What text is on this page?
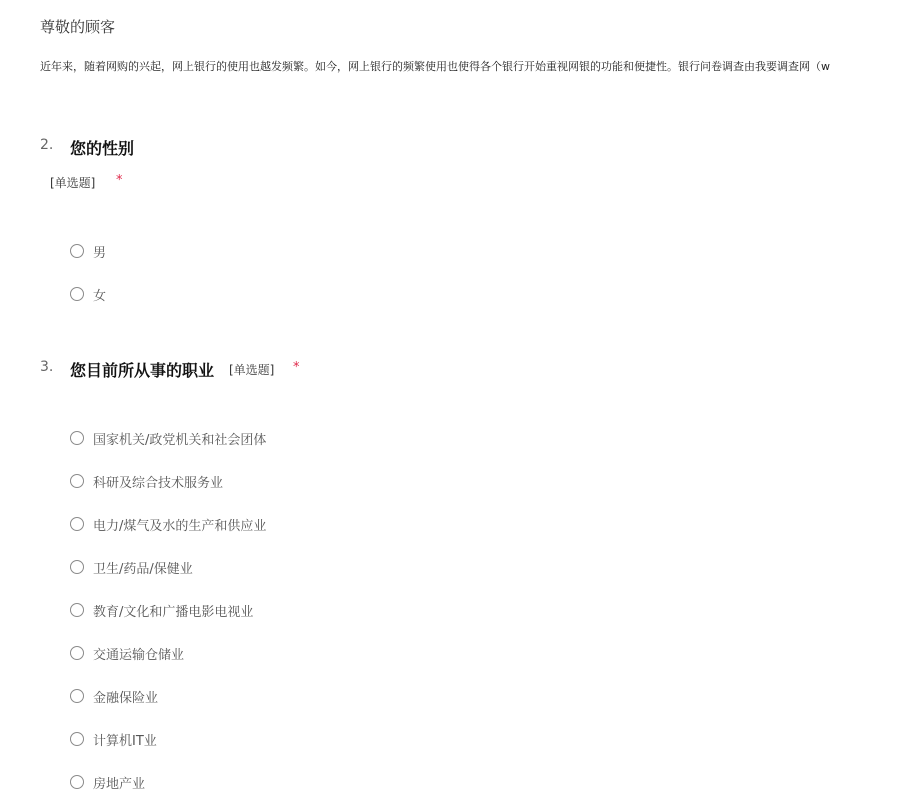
尊敬的顾客
近年来，随着网购的兴起，网上银行的使用也越发频繁。如今，网上银行的频繁使用也使得各个银行开始重视网银的功能和便捷性。银行问卷调查由我要调查网（w
2. 您的性别
[单选题] *
男
女
3. 您目前所从事的职业 [单选题] *
国家机关/政党机关和社会团体
科研及综合技术服务业
电力/煤气及水的生产和供应业
卫生/药品/保健业
教育/文化和广播电影电视业
交通运输仓储业
金融保险业
计算机IT业
房地产业
